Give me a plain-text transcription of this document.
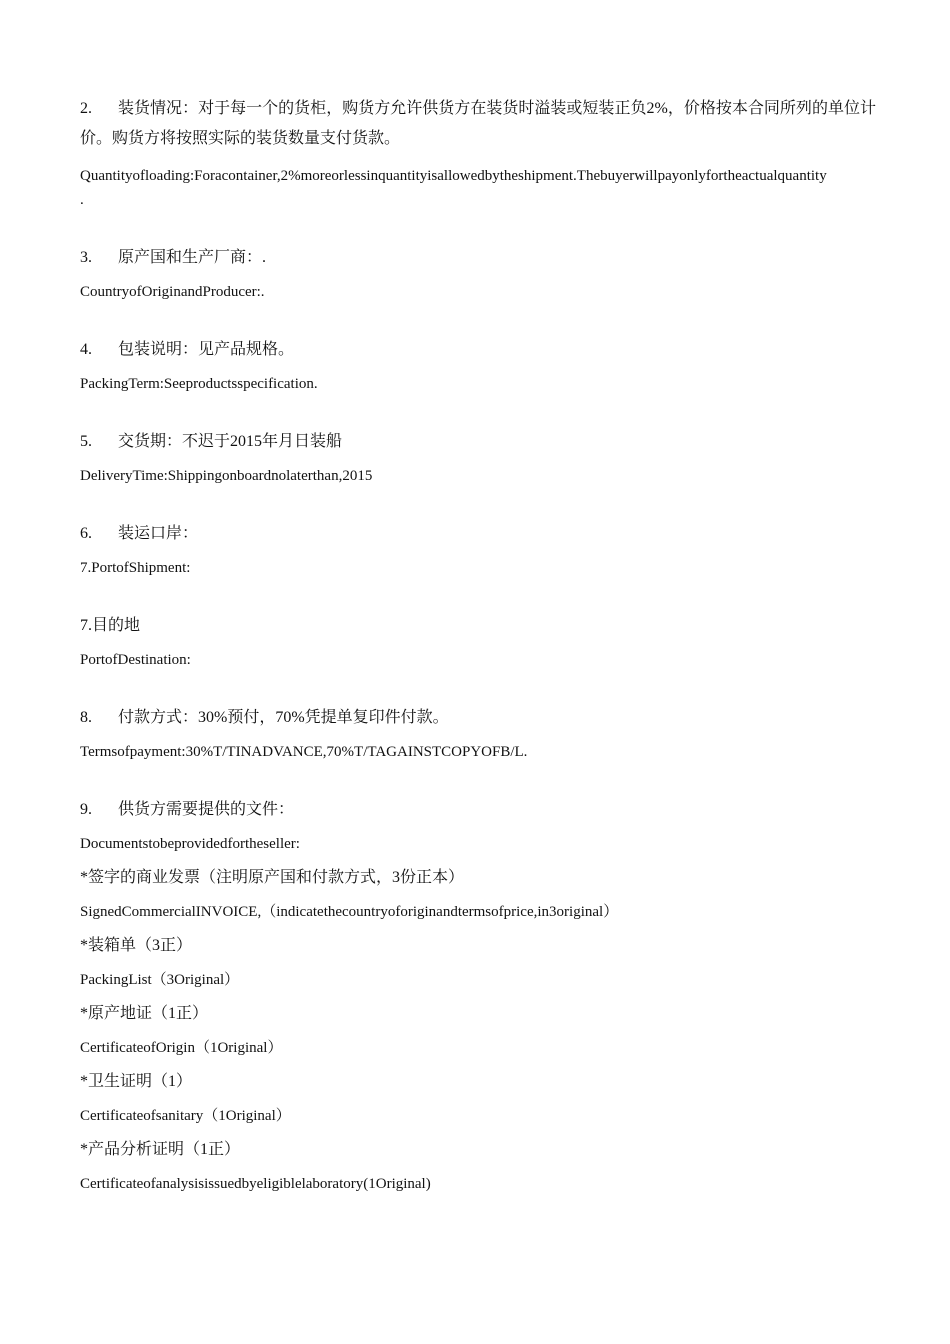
2. 装货情况：对于每一个的货柜，购货方允许供货方在装货时溢装或短装正负2%，价格按本合同所列的单位计价。购货方将按照实际的装货数量支付货款。

Quantityofloading:Foracontainer,2%moreorlessinquantityisallowedbytheshipment.Thebuyerwillpayonlyfortheactualquantity

.

3. 原产国和生产厂商：.

CountryofOriginandProducer:.

4. 包装说明：见产品规格。

PackingTerm:Seeproductsspecification.

5. 交货期：不迟于2015年月日装船

DeliveryTime:Shippingonboardnolaterthan,2015

6. 装运口岸：

7.PortofShipment:

7.目的地

PortofDestination:

8. 付款方式：30%预付，70%凭提单复印件付款。

Termsofpayment:30%T/TINADVANCE,70%T/TAGAINSTCOPYOFB/L.

9. 供货方需要提供的文件：

Documentstobeprovidedfortheseller:

*签字的商业发票（注明原产国和付款方式，3份正本）

SignedCommercialINVOICE,（indicatethecountryoforiginandtermsofprice,in3original）

*装箱单（3正）

PackingList（3Original）

*原产地证（1正）

CertificateofOrigin（1Original）

*卫生证明（1）

Certificateofsanitary（1Original）

*产品分析证明（1正）

Certificateofanalysisissuedbyeligiblelaboratory(1Original)
